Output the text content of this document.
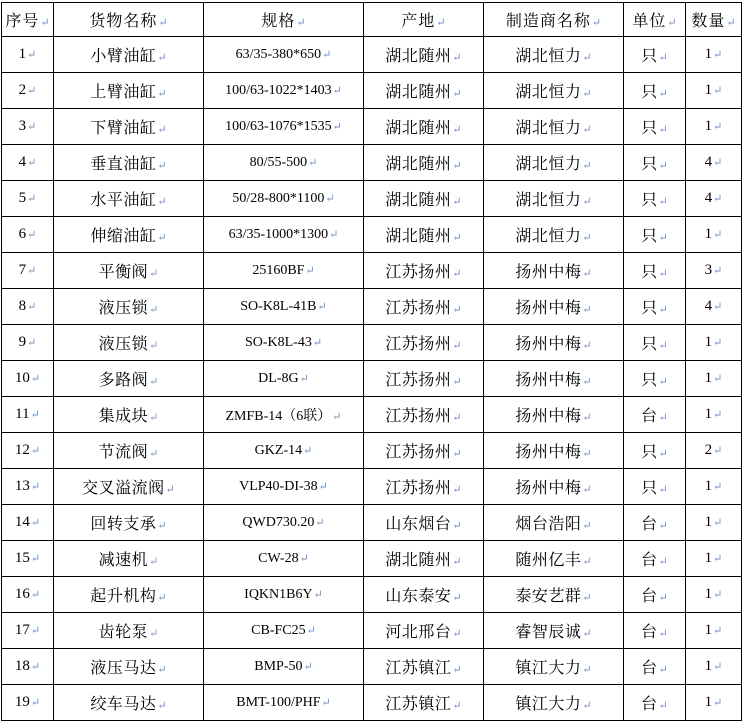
序号↵	货物名称↵	规格↵	产地↵	制造商名称↵	单位↵	数量↵
1↵	小臂油缸↵	63/35-380*650↵	湖北随州↵	湖北恒力↵	只↵	1↵
2↵	上臂油缸↵	100/63-1022*1403↵	湖北随州↵	湖北恒力↵	只↵	1↵
3↵	下臂油缸↵	100/63-1076*1535↵	湖北随州↵	湖北恒力↵	只↵	1↵
4↵	垂直油缸↵	80/55-500↵	湖北随州↵	湖北恒力↵	只↵	4↵
5↵	水平油缸↵	50/28-800*1100↵	湖北随州↵	湖北恒力↵	只↵	4↵
6↵	伸缩油缸↵	63/35-1000*1300↵	湖北随州↵	湖北恒力↵	只↵	1↵
7↵	平衡阀↵	25160BF↵	江苏扬州↵	扬州中梅↵	只↵	3↵
8↵	液压锁↵	SO-K8L-41B↵	江苏扬州↵	扬州中梅↵	只↵	4↵
9↵	液压锁↵	SO-K8L-43↵	江苏扬州↵	扬州中梅↵	只↵	1↵
10↵	多路阀↵	DL-8G↵	江苏扬州↵	扬州中梅↵	只↵	1↵
11↵	集成块↵	ZMFB-14（6联）↵	江苏扬州↵	扬州中梅↵	台↵	1↵
12↵	节流阀↵	GKZ-14↵	江苏扬州↵	扬州中梅↵	只↵	2↵
13↵	交叉溢流阀↵	VLP40-DI-38↵	江苏扬州↵	扬州中梅↵	只↵	1↵
14↵	回转支承↵	QWD730.20↵	山东烟台↵	烟台浩阳↵	台↵	1↵
15↵	减速机↵	CW-28↵	湖北随州↵	随州亿丰↵	台↵	1↵
16↵	起升机构↵	IQKN1B6Y↵	山东泰安↵	泰安艺群↵	台↵	1↵
17↵	齿轮泵↵	CB-FC25↵	河北邢台↵	睿智辰诚↵	台↵	1↵
18↵	液压马达↵	BMP-50↵	江苏镇江↵	镇江大力↵	台↵	1↵
19↵	绞车马达↵	BMT-100/PHF↵	江苏镇江↵	镇江大力↵	台↵	1↵
